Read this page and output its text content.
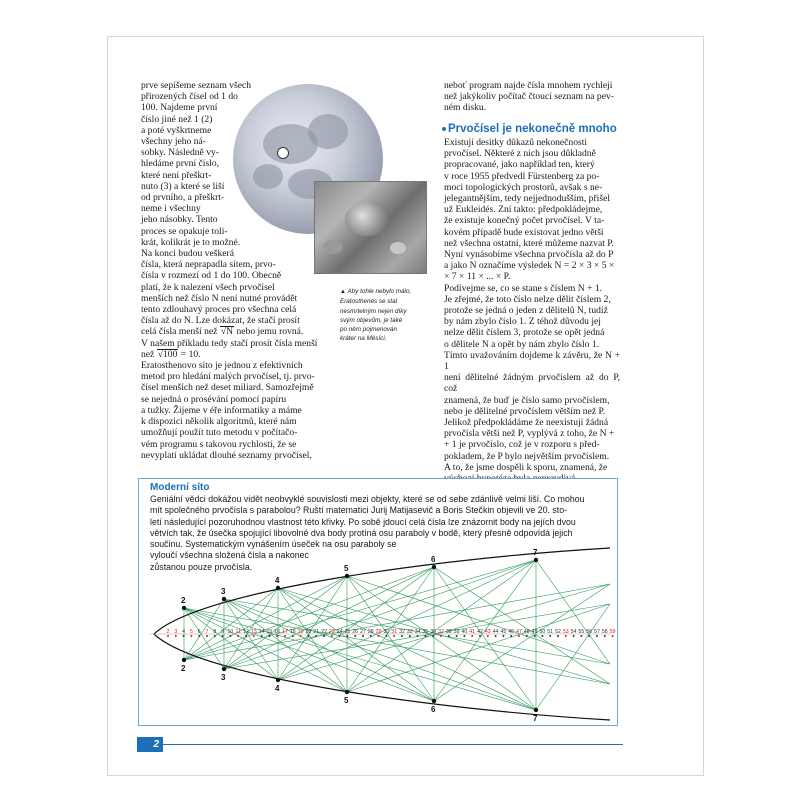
prve sepíšeme seznam všech
přirozených čísel od 1 do
100. Najdeme první
číslo jiné než 1 (2)
a poté vyškrtneme
všechny jeho ná-
sobky. Následně vy-
hledáme první číslo,
které není přeškrt-
nuto (3) a které se liší
od prvního, a přeškrt-
neme i všechny
jeho násobky. Tento
proces se opakuje toli-
krát, kolikrát je to možné.
Na konci budou veškerá
čísla, která neprapadla sítem, prvo-
čísla v rozmezí od 1 do 100. Obecně
platí, že k nalezení všech prvočísel
menších než číslo N není nutné provádět
tento zdlouhavý proces pro všechna celá
čísla až do N. Lze dokázat, že stačí prosít

celá čísla menší než √N nebo jemu rovná.

V našem příkladu tedy stačí prosít čísla menší

než √100 = 10.

Eratosthenovo síto je jednou z efektivních
metod pro hledání malých prvočísel, tj. prvo-
čísel menších než deset miliard. Samozřejmě
se nejedná o prosévání pomocí papíru
a tužky. Žijeme v éře informatiky a máme
k dispozici několik algoritmů, které nám
umožňují použít tuto metodu v počítačo-
vém programu s takovou rychlostí, že se
nevyplatí ukládat dlouhé seznamy prvočísel,
▲ Aby tohle nebylo málo,
Eratosthenés se stal
nesmrtelným nejen díky
svým objevům, je také
po něm pojmenován
kráter na Měsíci.

neboť program najde čísla mnohem rychleji
než jakýkoliv počítač čtoucí seznam na pev-
ném disku.
Prvočísel je nekonečně mnoho
Existují desítky důkazů nekonečnosti
prvočísel. Některé z nich jsou důkladně
propracované, jako například ten, který
v roce 1955 předvedl Fürstenberg za po-
moci topologických prostorů, avšak s ne-
jelegantnějším, tedy nejjednodušším, přišel
už Eukleidés. Zní takto: předpokládejme,
že existuje konečný počet prvočísel. V ta-
kovém případě bude existovat jedno větší
než všechna ostatní, které můžeme nazvat P.
Nyní vynásobíme všechna prvočísla až do P
a jako N označíme výsledek N = 2 × 3 × 5 ×
× 7 × 11 × ... × P.
Podívejme se, co se stane s číslem N + 1.
Je zřejmé, že toto číslo nelze dělit číslem 2,
protože se jedná o jeden z dělitelů N, tudíž
by nám zbylo číslo 1. Z téhož důvodu jej
nelze dělit číslem 3, protože se opět jedná
o dělitele N a opět by nám zbylo číslo 1.
Tímto uvažováním dojdeme k závěru, že N + 1
není dělitelné žádným prvočíslem až do P, což
znamená, že buď je číslo samo prvočíslem,
nebo je dělitelné prvočíslem větším než P.
Jelikož předpokládáme že neexistují žádná
prvočísla větší než P, vyplývá z toho, že N +
+ 1 je prvočíslo, což je v rozporu s před-
pokladem, že P bylo největším prvočíslem.
A to, že jsme dospěli k sporu, znamená, že
Moderní síto
Geniální vědci dokážou vidět neobvyklé souvislosti mezi objekty, které se od sebe zdánlivě velmi liší. Co mohou
mít společného prvočísla s parabolou? Ruští matematici Jurij Matijasevič a Boris Stečkin objevili ve 20. sto-
letí následující pozoruhodnou vlastnost této křivky. Po sobě jdoucí celá čísla lze znázornit body na jejích dvou
větvích tak, že úsečka spojující libovolné dva body protíná osu paraboly v bodě, který přesně odpovídá jejich
součinu. Systematickým vynášením úseček na osu paraboly se
vyloučí všechna složená čísla a nakonec
zůstanou pouze prvočísla.
2
2
3
3
4
4
5
5
6
6
7
7
2 3 4 5 6 7 8 9 10 11 12 13 14 15 16 17 18 19 20 21 22 23 24 25 26 27 28 29 30 31 32 33 34 35 36 37 38 39 40 41 42 43 44 45 46 47 48 49 50 51 52 53 54 55 56 57 58 59
2
